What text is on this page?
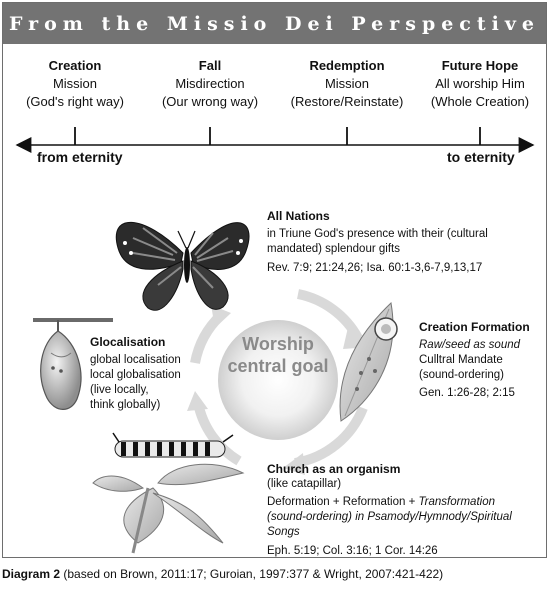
From the Missio Dei Perspective
Creation
Mission
(God's right way)
Fall
Misdirection
(Our wrong way)
Redemption
Mission
(Restore/Reinstate)
Future Hope
All worship Him
(Whole Creation)
from eternity	to eternity
Worship
central goal
All Nations
in Triune God's presence with their (cultural
mandated) splendour gifts
Rev. 7:9; 21:24,26; Isa. 60:1-3,6-7,9,13,17
Creation Formation
Raw/seed as sound
Culltral Mandate
(sound-ordering)
Gen. 1:26-28; 2:15
Glocalisation
global localisation
local globalisation
(live locally,
think globally)
Church as an organism
(like catapillar)
Deformation + Reformation + Transformation
(sound-ordering) in Psamody/Hymnody/Spiritual Songs
Eph. 5:19; Col. 3:16; 1 Cor. 14:26
Diagram 2 (based on Brown, 2011:17; Guroian, 1997:377 & Wright, 2007:421-422)
